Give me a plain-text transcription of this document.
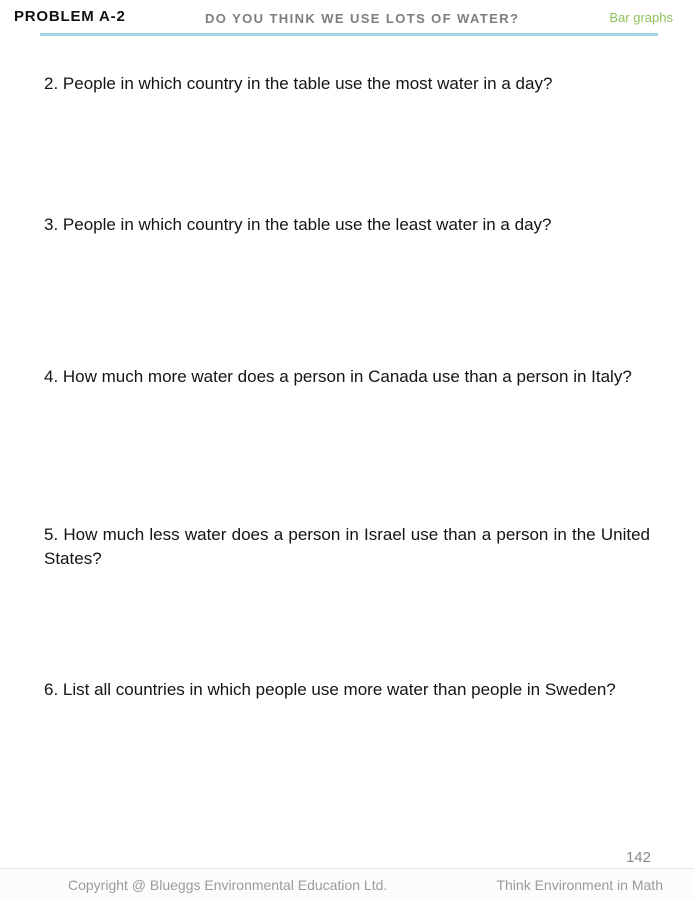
PROBLEM A-2	DO YOU THINK WE USE LOTS OF WATER?	Bar graphs
2. People in which country in the table use the most water in a day?
3. People in which country in the table use the least water in a day?
4. How much more water does a person in Canada use than a person in Italy?
5. How much less water does a person in Israel use than a person in the United States?
6. List all countries in which people use more water than people in Sweden?
142
Copyright @ Blueggs Environmental Education Ltd.	Think Environment in Math
